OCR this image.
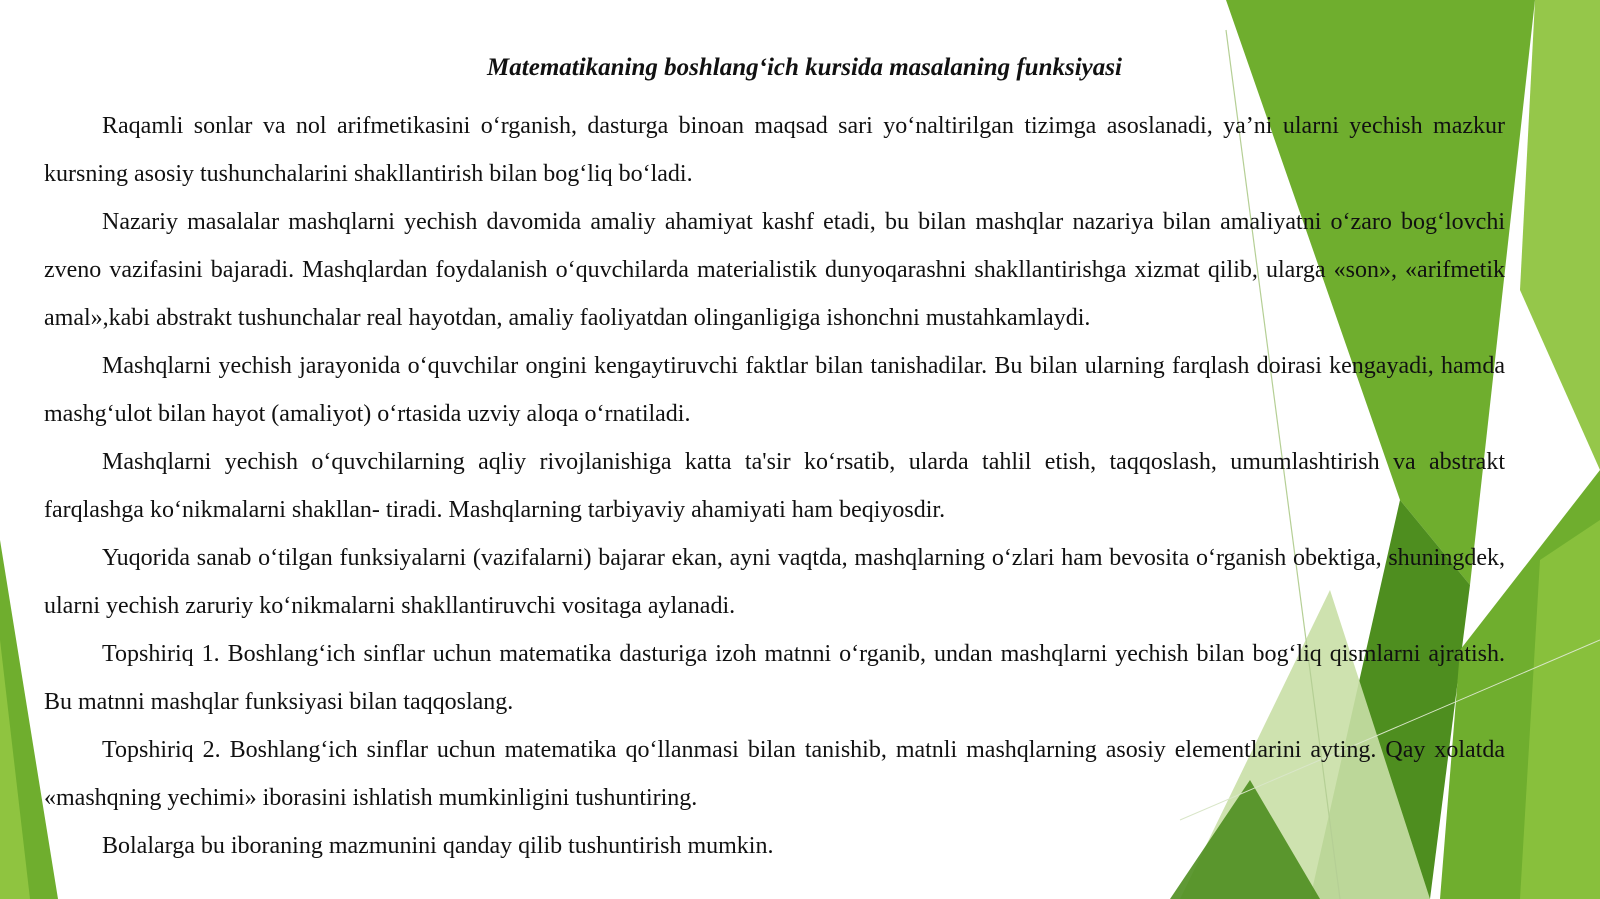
Matematikaning boshlang‘ich kursida masalaning funksiyasi

Raqamli sonlar va nol arifmetikasini o‘rganish, dasturga binoan maqsad sari yo‘naltirilgan tizimga asoslanadi, ya’ni ularni yechish mazkur kursning asosiy tushunchalarini shakllantirish bilan bog‘liq bo‘ladi.

Nazariy masalalar mashqlarni yechish davomida amaliy ahamiyat kashf etadi, bu bilan mashqlar nazariya bilan amaliyatni o‘zaro bog‘lovchi zveno vazifasini bajaradi. Mashqlardan foydalanish o‘quvchilarda materialistik dunyoqarashni shakllantirishga xizmat qilib, ularga «son», «arifmetik amal»,kabi abstrakt tushunchalar real hayotdan, amaliy faoliyatdan olinganligiga ishonchni mustahkamlaydi.

Mashqlarni yechish jarayonida o‘quvchilar ongini kengaytiruvchi faktlar bilan tanishadilar. Bu bilan ularning farqlash doirasi kengayadi, hamda mashg‘ulot bilan hayot (amaliyot) o‘rtasida uzviy aloqa o‘rnatiladi.

Mashqlarni yechish o‘quvchilarning aqliy rivojlanishiga katta ta'sir ko‘rsatib, ularda tahlil etish, taqqoslash, umumlashtirish va abstrakt farqlashga ko‘nikmalarni shakllan- tiradi. Mashqlarning tarbiyaviy ahamiyati ham beqiyosdir.

Yuqorida sanab o‘tilgan funksiyalarni (vazifalarni) bajarar ekan, ayni vaqtda, mashqlarning o‘zlari ham bevosita o‘rganish obektiga, shuningdek, ularni yechish zaruriy ko‘nikmalarni shakllantiruvchi vositaga aylanadi.

Topshiriq 1. Boshlang‘ich sinflar uchun matematika dasturiga izoh matnni o‘rganib, undan mashqlarni yechish bilan bog‘liq qismlarni ajratish. Bu matnni mashqlar funksiyasi bilan taqqoslang.

Topshiriq 2. Boshlang‘ich sinflar uchun matematika qo‘llanmasi bilan tanishib, matnli mashqlarning asosiy elementlarini ayting. Qay xolatda «mashqning yechimi» iborasini ishlatish mumkinligini tushuntiring.

Bolalarga bu iboraning mazmunini qanday qilib tushuntirish mumkin.
